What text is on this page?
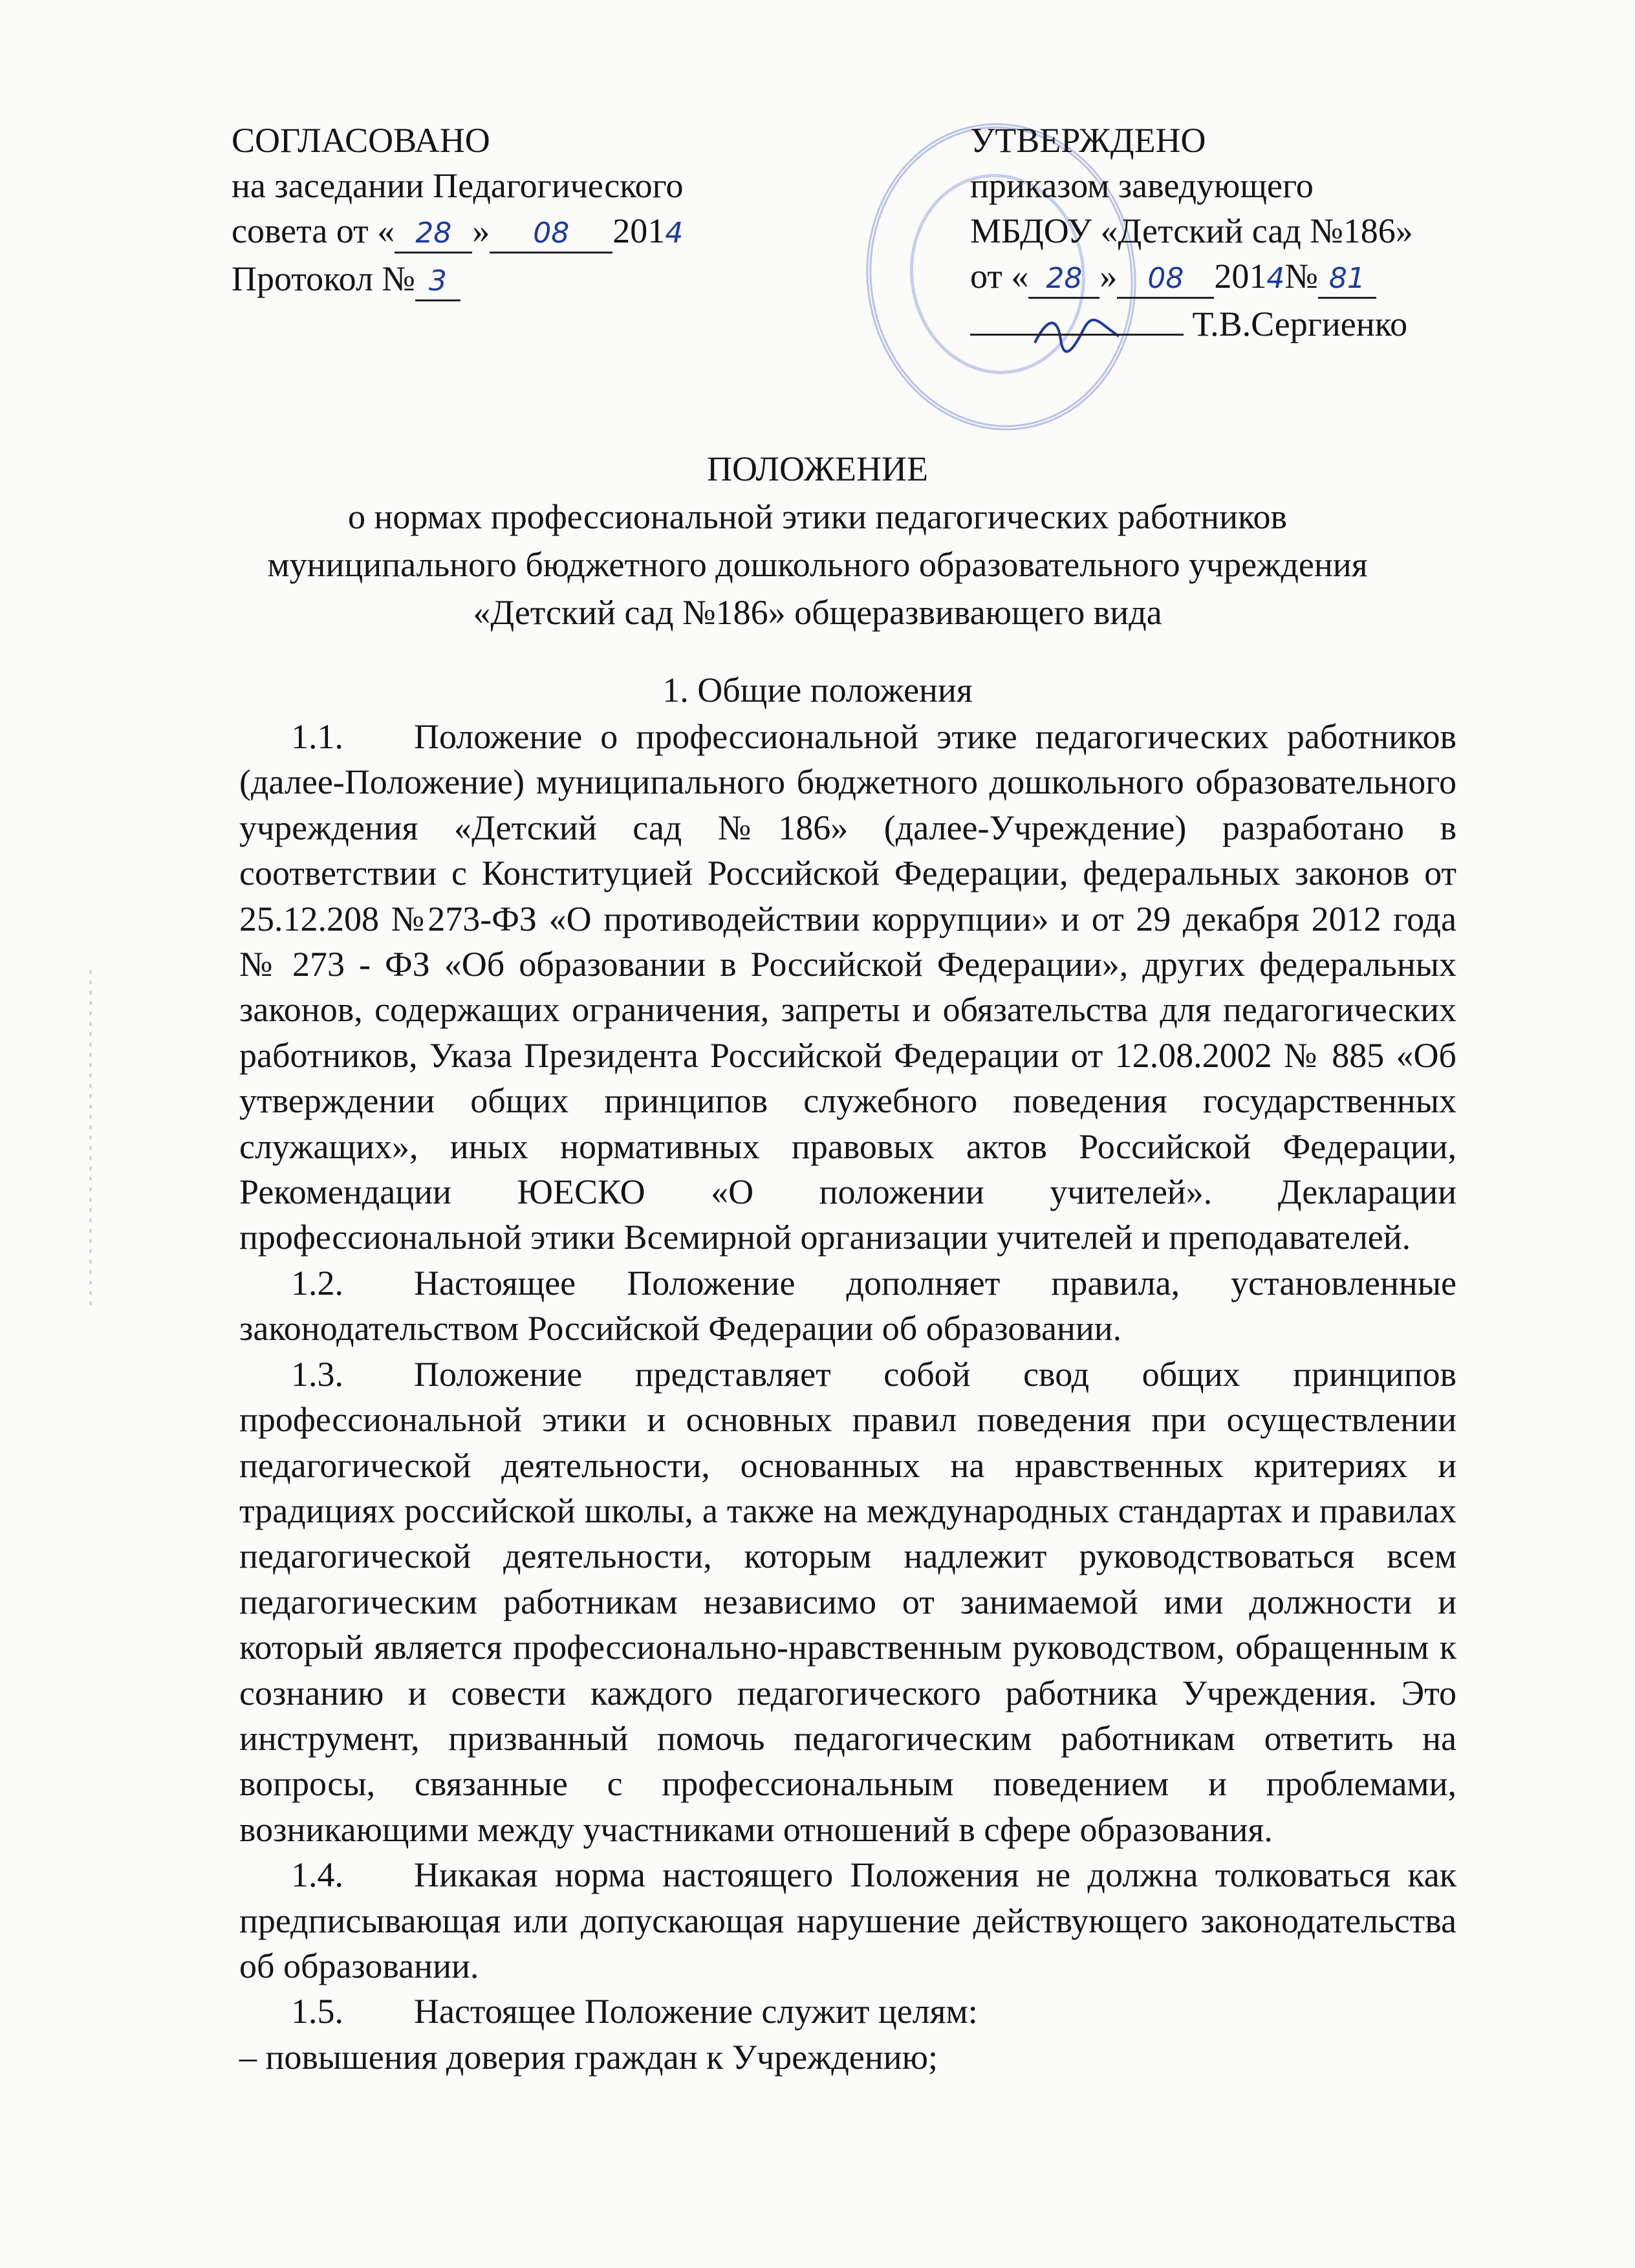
СОГЛАСОВАНО
на заседании Педагогического
совета от « 28 » 08 2014
Протокол № 3
УТВЕРЖДЕНО
приказом заведующего
МБДОУ «Детский сад №186»
от « 28 » 08 2014№ 81
Т.В.Сергиенко
ПОЛОЖЕНИЕ
о нормах профессиональной этики педагогических работников
муниципального бюджетного дошкольного образовательного учреждения
«Детский сад №186» общеразвивающего вида
1. Общие положения

1.1. Положение о профессиональной этике педагогических работников (далее-Положение) муниципального бюджетного дошкольного образовательного учреждения «Детский сад №186» (далее-Учреждение) разработано в соответствии с Конституцией Российской Федерации, федеральных законов от 25.12.208 №273-ФЗ «О противодействии коррупции» и от 29 декабря 2012 года № 273 - ФЗ «Об образовании в Российской Федерации», других федеральных законов, содержащих ограничения, запреты и обязательства для педагогических работников, Указа Президента Российской Федерации от 12.08.2002 № 885 «Об утверждении общих принципов служебного поведения государственных служащих», иных нормативных правовых актов Российской Федерации, Рекомендации ЮЕСКО «О положении учителей». Декларации профессиональной этики Всемирной организации учителей и преподавателей.

1.2. Настоящее Положение дополняет правила, установленные законодательством Российской Федерации об образовании.

1.3. Положение представляет собой свод общих принципов профессиональной этики и основных правил поведения при осуществлении педагогической деятельности, основанных на нравственных критериях и традициях российской школы, а также на международных стандартах и правилах педагогической деятельности, которым надлежит руководствоваться всем педагогическим работникам независимо от занимаемой ими должности и который является профессионально-нравственным руководством, обращенным к сознанию и совести каждого педагогического работника Учреждения. Это инструмент, призванный помочь педагогическим работникам ответить на вопросы, связанные с профессиональным поведением и проблемами, возникающими между участниками отношений в сфере образования.

1.4. Никакая норма настоящего Положения не должна толковаться как предписывающая или допускающая нарушение действующего законодательства об образовании.

1.5. Настоящее Положение служит целям:

– повышения доверия граждан к Учреждению;
